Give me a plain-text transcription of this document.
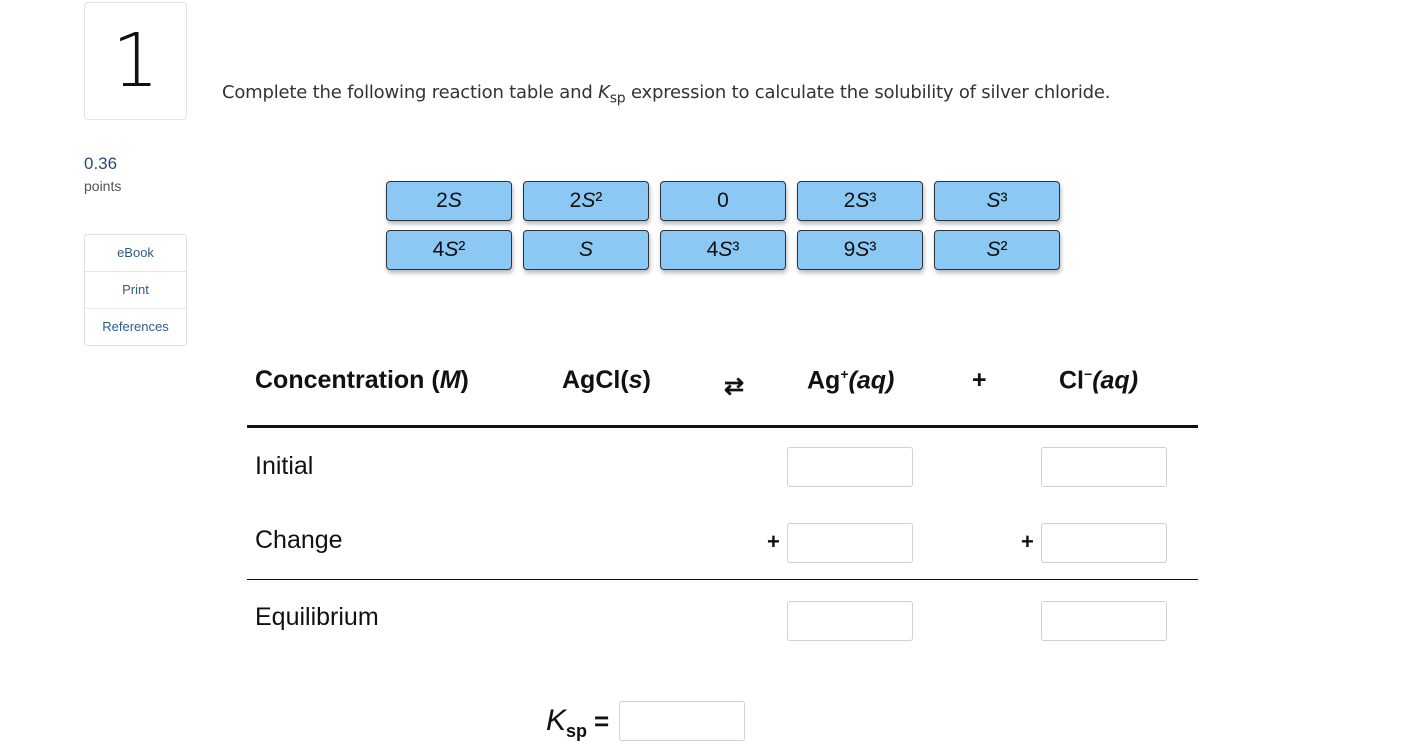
1
0.36
points
eBook
Print
References
Complete the following reaction table and $K_{sp}$ expression to calculate the solubility of silver chloride.
2 S	2 S ²	0	2 S ³	S ³
4 S ²	S	4 S ³	9 S ³	S ²
Concentration (M)	AgCl(s)	⇄	Ag+(aq)	+	Cl−(aq)
Initial
Change	+	+
Equilibrium
$K_{sp}$ =
